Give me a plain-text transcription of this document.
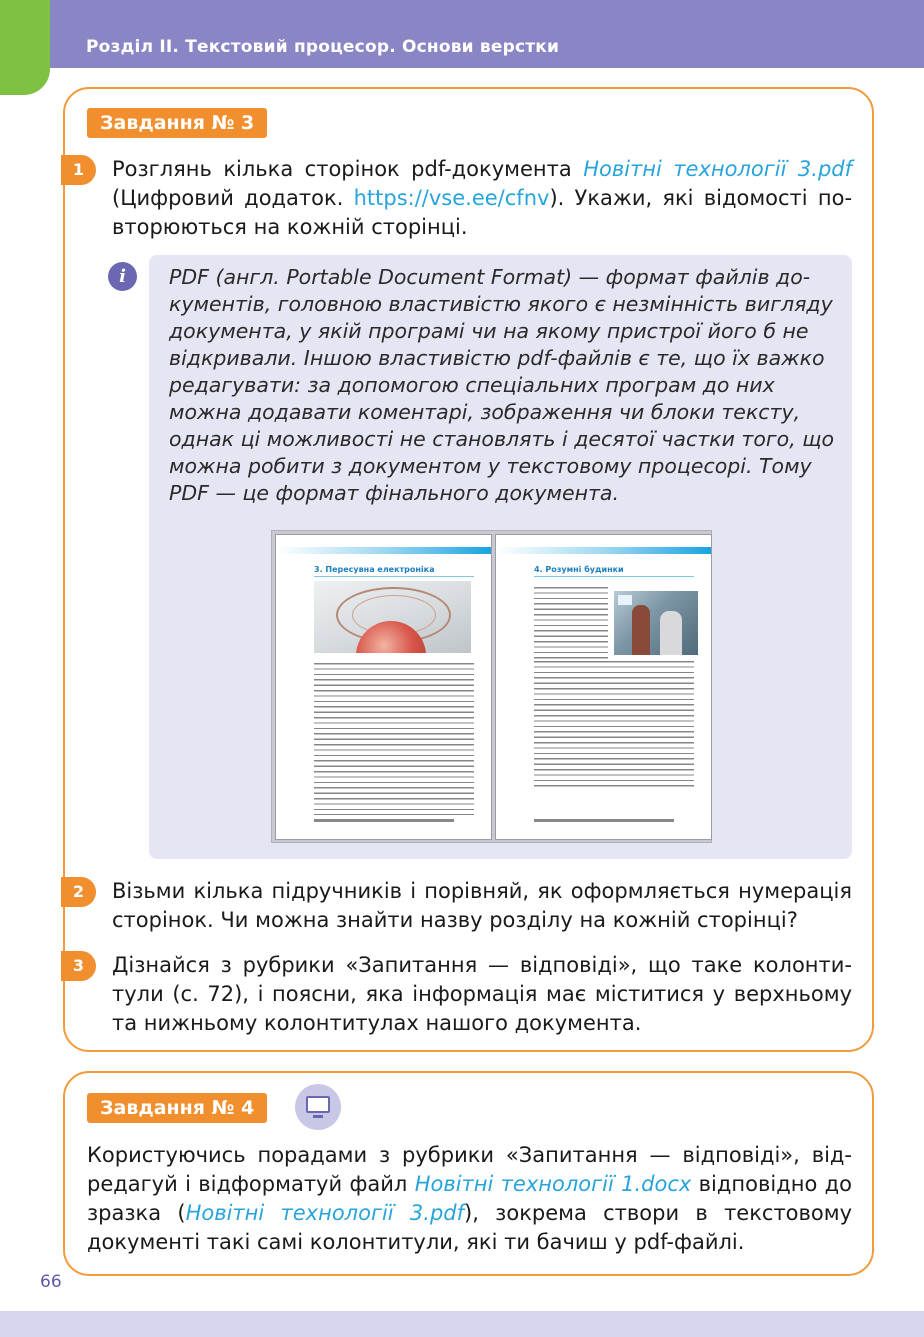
Розділ ІІ. Текстовий процесор. Основи верстки
Завдання № 3
1	Розглянь кілька сторінок pdf-документа Новітні технології 3.pdf (Цифровий додаток. https://vse.ee/cfnv). Укажи, які відомості повторюються на кожній сторінці.
i	PDF (англ. Portable Document Format) — формат файлів документів, головною властивістю якого є незмінність вигляду документа, у якій програмі чи на якому пристрої його б не відкривали. Іншою властивістю pdf-файлів є те, що їх важко редагувати: за допомогою спеціальних програм до них можна додавати коментарі, зображення чи блоки тексту, однак ці можливості не становлять і десятої частки того, що можна робити з документом у текстовому процесорі. Тому PDF — це формат фінального документа.
3. Пересувна електроніка	4. Розумні будинки
2	Візьми кілька підручників і порівняй, як оформляється нумерація сторінок. Чи можна знайти назву розділу на кожній сторінці?
3	Дізнайся з рубрики «Запитання — відповіді», що таке колонтитули (с. 72), і поясни, яка інформація має міститися у верхньому та нижньому колонтитулах нашого документа.
Завдання № 4
Користуючись порадами з рубрики «Запитання — відповіді», відредагуй і відформатуй файл Новітні технології 1.docx відповідно до зразка (Новітні технології 3.pdf), зокрема створи в текстовому документі такі самі колонтитули, які ти бачиш у pdf-файлі.
66
